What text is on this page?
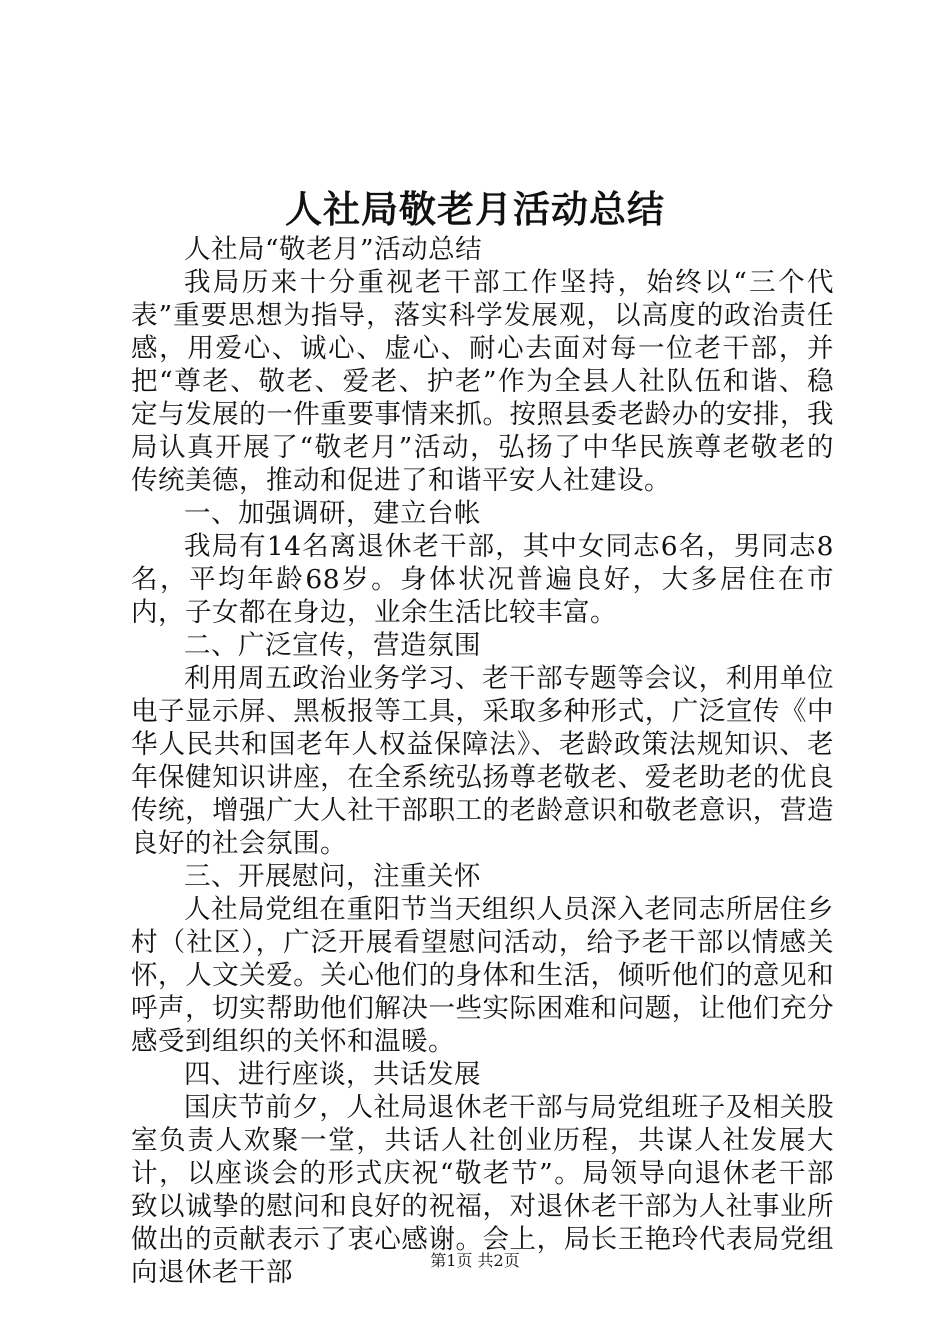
人社局敬老月活动总结

人社局“敬老月”活动总结

我局历来十分重视老干部工作坚持，始终以“三个代表”重要思想为指导，落实科学发展观，以高度的政治责任感，用爱心、诚心、虚心、耐心去面对每一位老干部，并把“尊老、敬老、爱老、护老”作为全县人社队伍和谐、稳定与发展的一件重要事情来抓。按照县委老龄办的安排，我局认真开展了“敬老月”活动，弘扬了中华民族尊老敬老的传统美德，推动和促进了和谐平安人社建设。

一、加强调研，建立台帐

我局有14名离退休老干部，其中女同志6名，男同志8名，平均年龄68岁。身体状况普遍良好，大多居住在市内，子女都在身边，业余生活比较丰富。

二、广泛宣传，营造氛围

利用周五政治业务学习、老干部专题等会议，利用单位电子显示屏、黑板报等工具，采取多种形式，广泛宣传《中华人民共和国老年人权益保障法》、老龄政策法规知识、老年保健知识讲座，在全系统弘扬尊老敬老、爱老助老的优良传统，增强广大人社干部职工的老龄意识和敬老意识，营造良好的社会氛围。

三、开展慰问，注重关怀

人社局党组在重阳节当天组织人员深入老同志所居住乡村（社区），广泛开展看望慰问活动，给予老干部以情感关怀，人文关爱。关心他们的身体和生活，倾听他们的意见和呼声，切实帮助他们解决一些实际困难和问题，让他们充分感受到组织的关怀和温暖。

四、进行座谈，共话发展

国庆节前夕，人社局退休老干部与局党组班子及相关股室负责人欢聚一堂，共话人社创业历程，共谋人社发展大计，以座谈会的形式庆祝“敬老节”。局领导向退休老干部致以诚挚的慰问和良好的祝福，对退休老干部为人社事业所做出的贡献表示了衷心感谢。会上，局长王艳玲代表局党组向退休老干部	第1页 共2页
